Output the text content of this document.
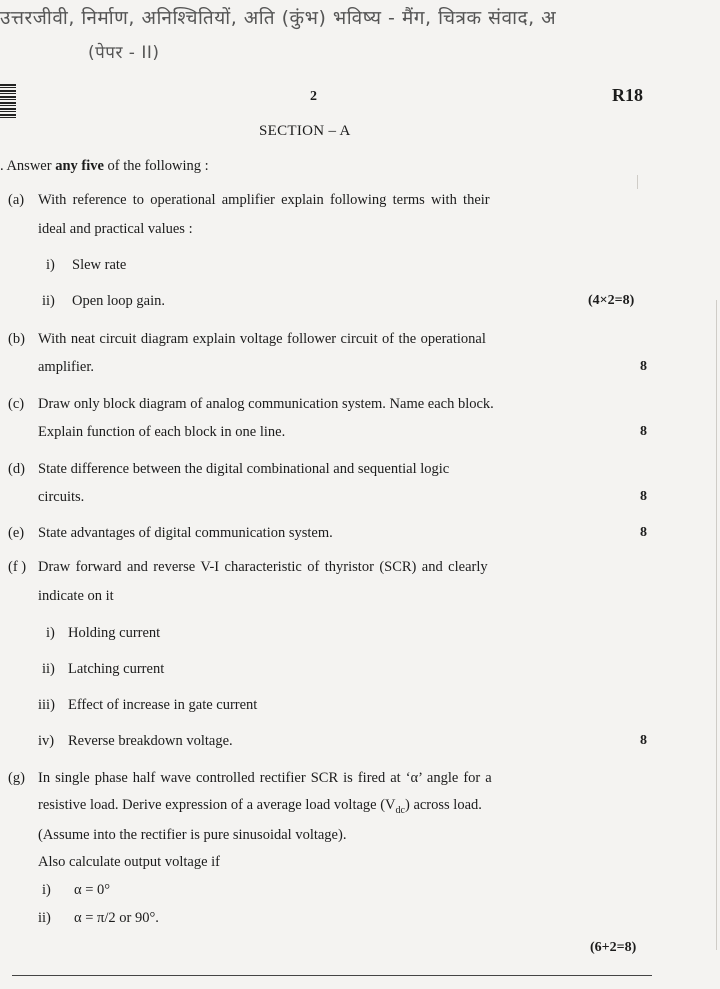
उत्तरजीवी, निर्माण, अनिश्चितियों, अति (कुंभ) भविष्य - मैंग, चित्रक संवाद, अ
(पेपर - II)
2	R18
SECTION – A
. Answer any five of the following :
(a) With reference to operational amplifier explain following terms with their
ideal and practical values :
i) Slew rate
ii) Open loop gain.	(4×2=8)
(b) With neat circuit diagram explain voltage follower circuit of the operational
amplifier.	8
(c) Draw only block diagram of analog communication system. Name each block.
Explain function of each block in one line.	8
(d) State difference between the digital combinational and sequential logic
circuits.	8
(e) State advantages of digital communication system.	8
(f ) Draw forward and reverse V-I characteristic of thyristor (SCR) and clearly
indicate on it
i) Holding current
ii) Latching current
iii) Effect of increase in gate current
iv) Reverse breakdown voltage.	8
(g) In single phase half wave controlled rectifier SCR is fired at ‘α’ angle for a
resistive load. Derive expression of a average load voltage $(V_{dc})$ across load.
(Assume into the rectifier is pure sinusoidal voltage).
Also calculate output voltage if
i) α = 0°
ii) α = π/2 or 90°.
(6+2=8)
